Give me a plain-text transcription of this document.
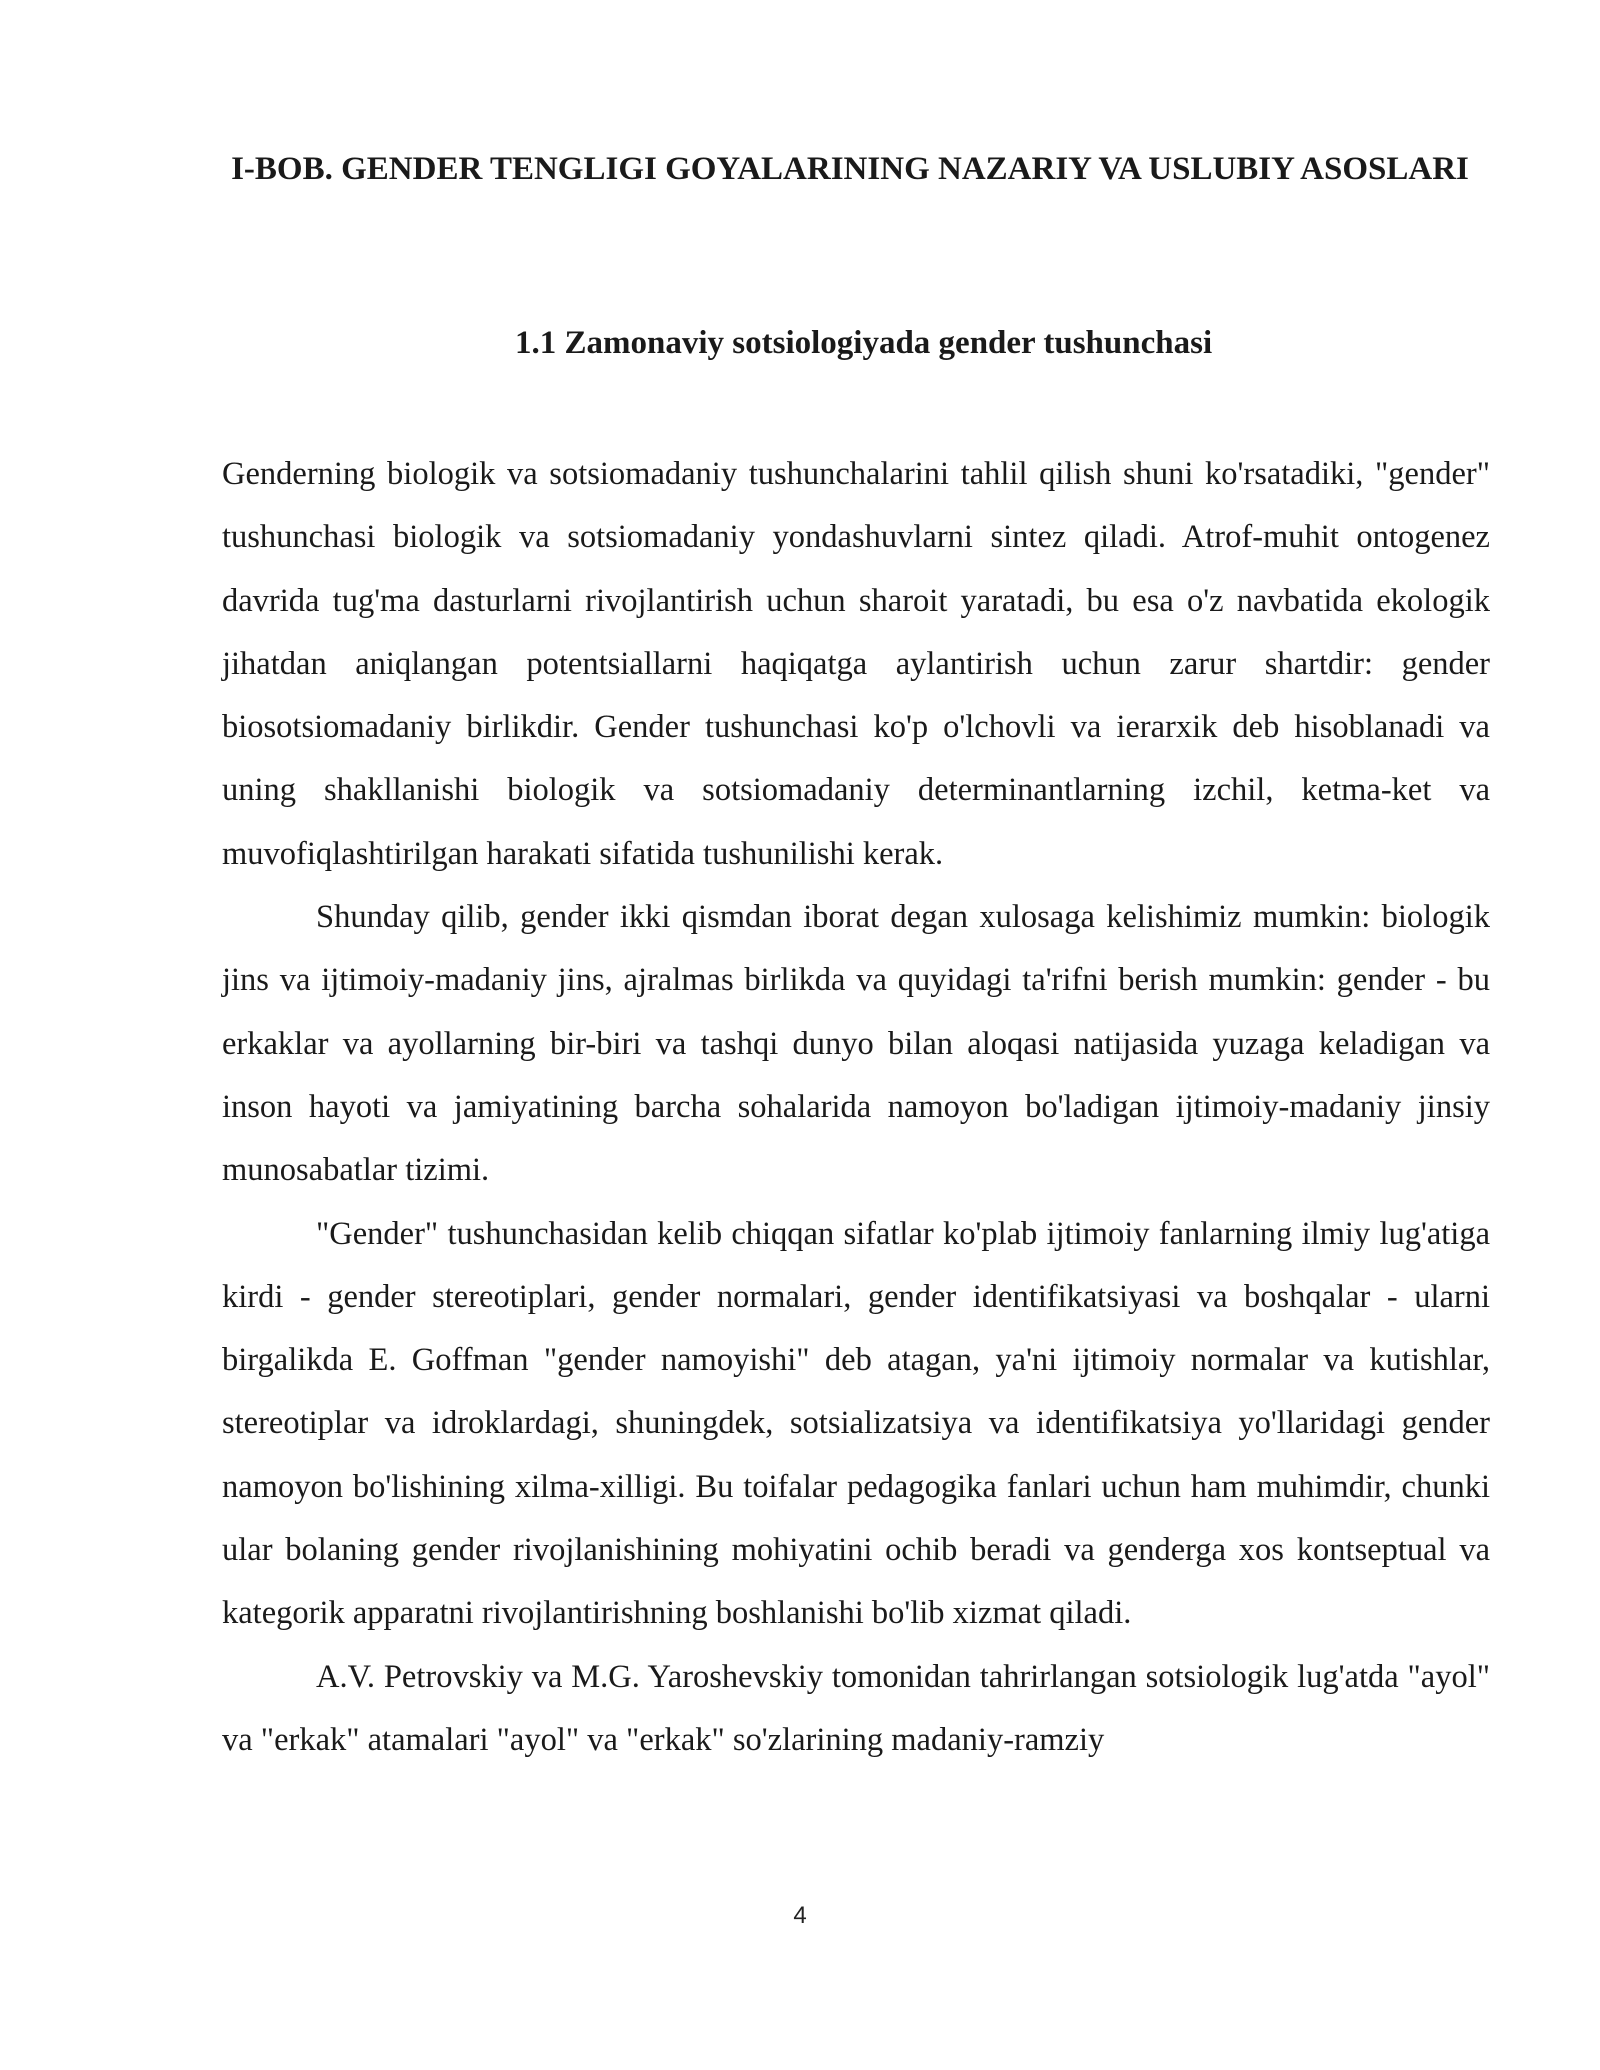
I-BOB. GENDER TENGLIGI GOYALARINING NAZARIY VA USLUBIY ASOSLARI
1.1 Zamonaviy sotsiologiyada gender tushunchasi

Genderning biologik va sotsiomadaniy tushunchalarini tahlil qilish shuni ko'rsatadiki, "gender" tushunchasi biologik va sotsiomadaniy yondashuvlarni sintez qiladi. Atrof-muhit ontogenez davrida tug'ma dasturlarni rivojlantirish uchun sharoit yaratadi, bu esa o'z navbatida ekologik jihatdan aniqlangan potentsiallarni haqiqatga aylantirish uchun zarur shartdir: gender biosotsiomadaniy birlikdir. Gender tushunchasi ko'p o'lchovli va ierarxik deb hisoblanadi va uning shakllanishi biologik va sotsiomadaniy determinantlarning izchil, ketma-ket va muvofiqlashtirilgan harakati sifatida tushunilishi kerak.

Shunday qilib, gender ikki qismdan iborat degan xulosaga kelishimiz mumkin: biologik jins va ijtimoiy-madaniy jins, ajralmas birlikda va quyidagi ta'rifni berish mumkin: gender - bu erkaklar va ayollarning bir-biri va tashqi dunyo bilan aloqasi natijasida yuzaga keladigan va inson hayoti va jamiyatining barcha sohalarida namoyon bo'ladigan ijtimoiy-madaniy jinsiy munosabatlar tizimi.

"Gender" tushunchasidan kelib chiqqan sifatlar ko'plab ijtimoiy fanlarning ilmiy lug'atiga kirdi - gender stereotiplari, gender normalari, gender identifikatsiyasi va boshqalar - ularni birgalikda E. Goffman "gender namoyishi" deb atagan, ya'ni ijtimoiy normalar va kutishlar, stereotiplar va idroklardagi, shuningdek, sotsializatsiya va identifikatsiya yo'llaridagi gender namoyon bo'lishining xilma-xilligi. Bu toifalar pedagogika fanlari uchun ham muhimdir, chunki ular bolaning gender rivojlanishining mohiyatini ochib beradi va genderga xos kontseptual va kategorik apparatni rivojlantirishning boshlanishi bo'lib xizmat qiladi.

A.V. Petrovskiy va M.G. Yaroshevskiy tomonidan tahrirlangan sotsiologik lug'atda "ayol" va "erkak" atamalari "ayol" va "erkak" so'zlarining madaniy-ramziy

4
